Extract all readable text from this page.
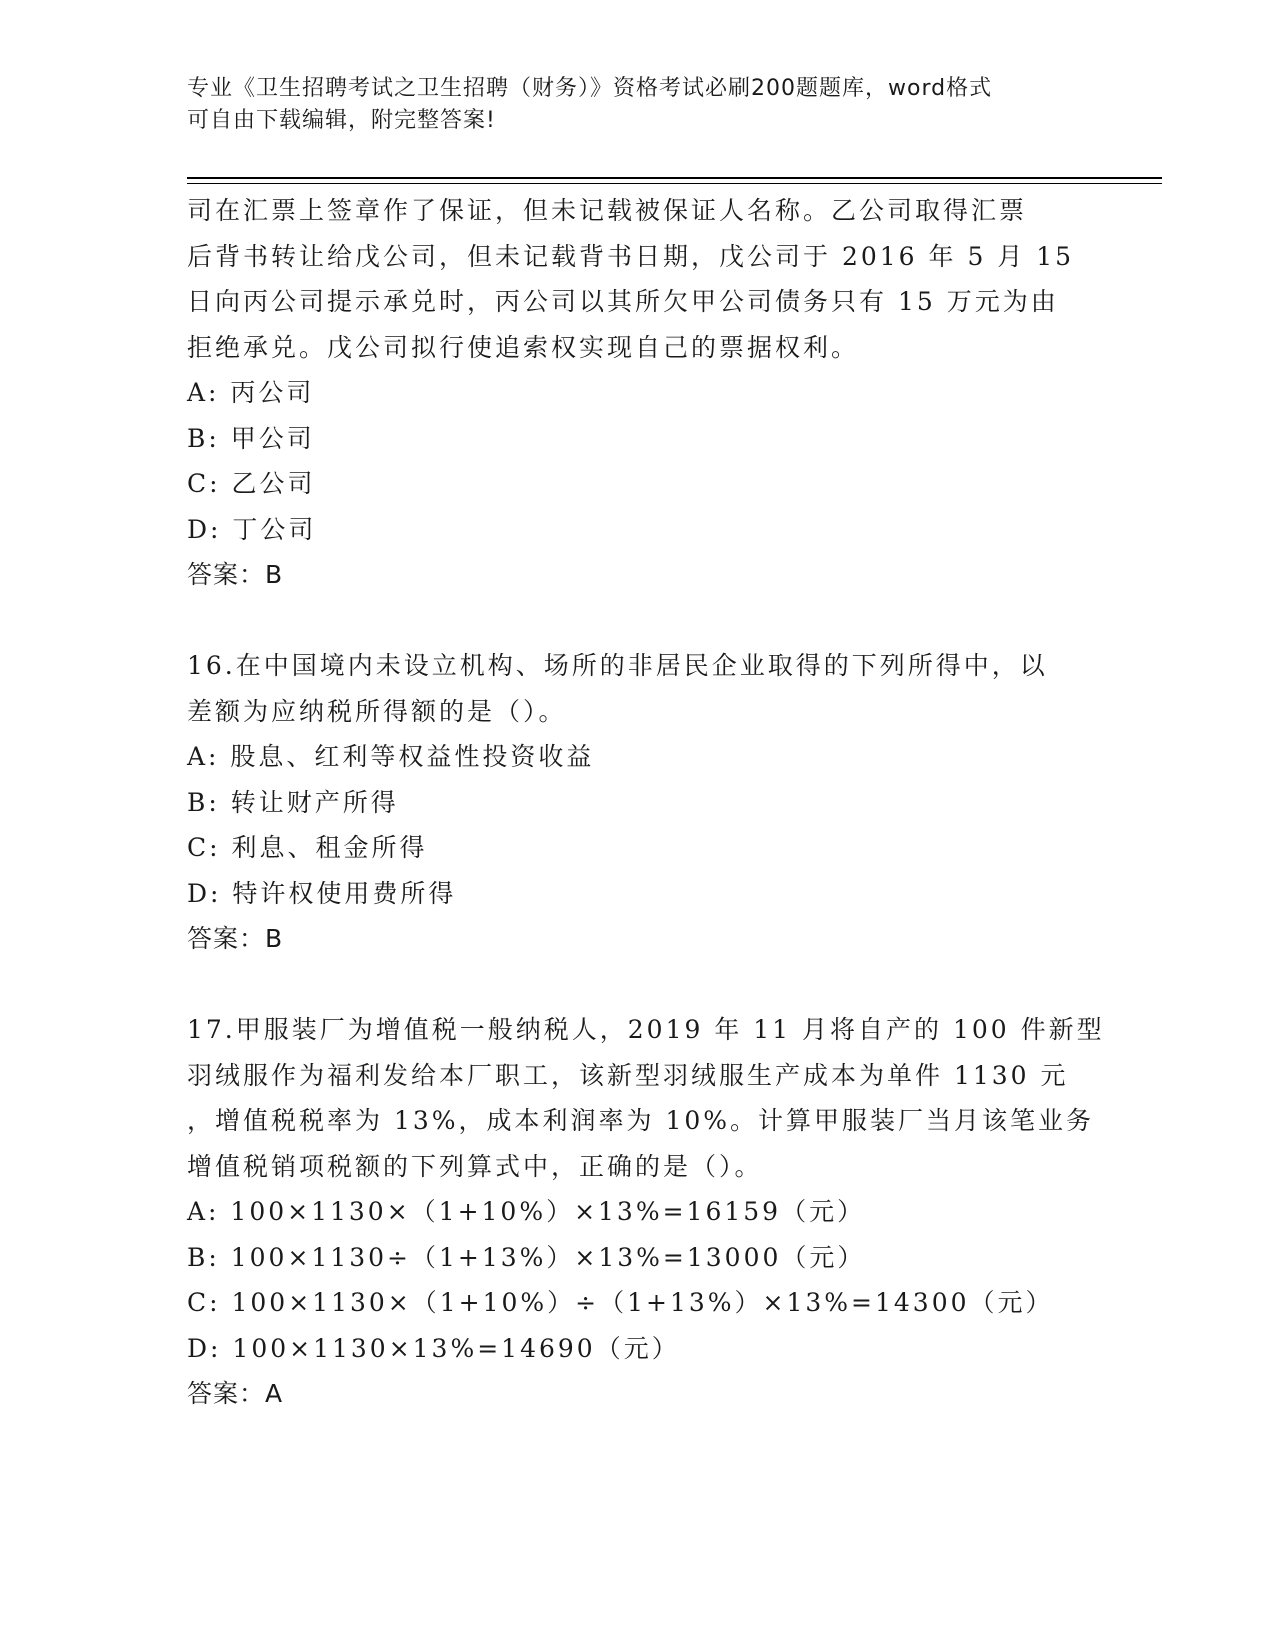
专业《卫生招聘考试之卫生招聘（财务）》资格考试必刷200题题库，word格式
可自由下载编辑，附完整答案!
司在汇票上签章作了保证，但未记载被保证人名称。乙公司取得汇票
后背书转让给戊公司，但未记载背书日期，戊公司于 2016 年 5 月 15
日向丙公司提示承兑时，丙公司以其所欠甲公司债务只有 15 万元为由
拒绝承兑。戊公司拟行使追索权实现自己的票据权利。
A: 丙公司
B: 甲公司
C: 乙公司
D: 丁公司
答案：B
16.在中国境内未设立机构、场所的非居民企业取得的下列所得中，以
差额为应纳税所得额的是（）。
A: 股息、红利等权益性投资收益
B: 转让财产所得
C: 利息、租金所得
D: 特许权使用费所得
答案：B
17.甲服装厂为增值税一般纳税人，2019 年 11 月将自产的 100 件新型
羽绒服作为福利发给本厂职工，该新型羽绒服生产成本为单件 1130 元
，增值税税率为 13%，成本利润率为 10%。计算甲服装厂当月该笔业务
增值税销项税额的下列算式中，正确的是（）。
A: 100×1130×（1+10%）×13%=16159（元）
B: 100×1130÷（1+13%）×13%=13000（元）
C: 100×1130×（1+10%）÷（1+13%）×13%=14300（元）
D: 100×1130×13%=14690（元）
答案：A
